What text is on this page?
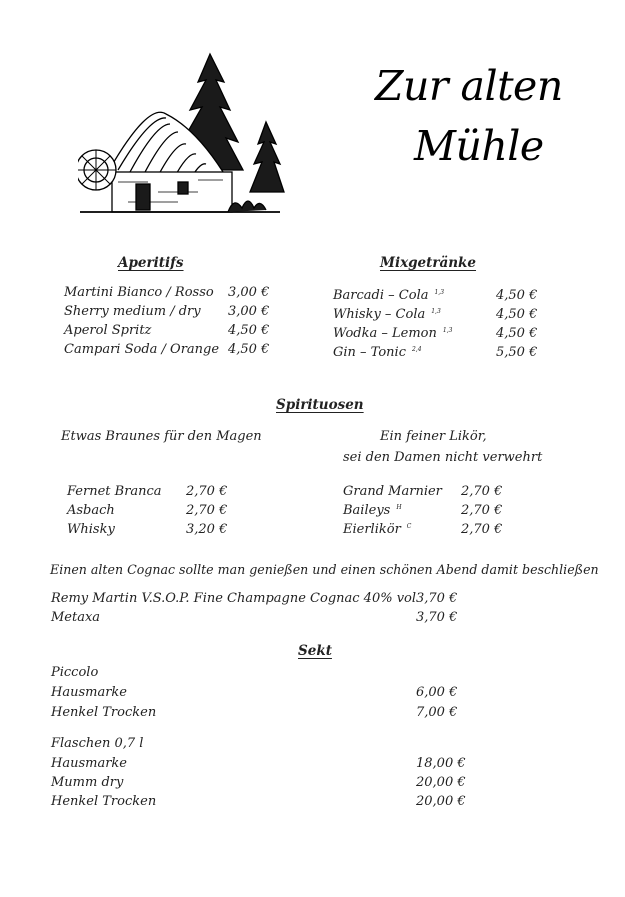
Zur alten
Mühle
Aperitifs
Martini Bianco / Rosso 3,00 €
Sherry medium / dry 3,00 €
Aperol Spritz	4,50 €
Campari Soda / Orange 4,50 €
Mixgetränke
Barcadi – Cola $^{1,3}$	4,50 €
Whisky – Cola $^{1,3}$	4,50 €
Wodka – Lemon $^{1,3}$	4,50 €
Gin – Tonic $^{2,4}$	5,50 €
Spirituosen
Etwas Braunes für den Magen	Ein feiner Likör,
sei den Damen nicht verwehrt
Fernet Branca 2,70 €
Asbach	2,70 €
Whisky	3,20 €
Grand Marnier 2,70 €
Baileys $^H$	2,70 €
Eierlikör $^C$	2,70 €
Einen alten Cognac sollte man genießen und einen schönen Abend damit beschließen
Remy Martin V.S.O.P. Fine Champagne Cognac 40% vol 3,70 €
Metaxa	3,70 €
Sekt
Piccolo
Hausmarke	6,00 €
Henkel Trocken	7,00 €
Flaschen 0,7 l
Hausmarke	18,00 €
Mumm dry	20,00 €
Henkel Trocken	20,00 €
